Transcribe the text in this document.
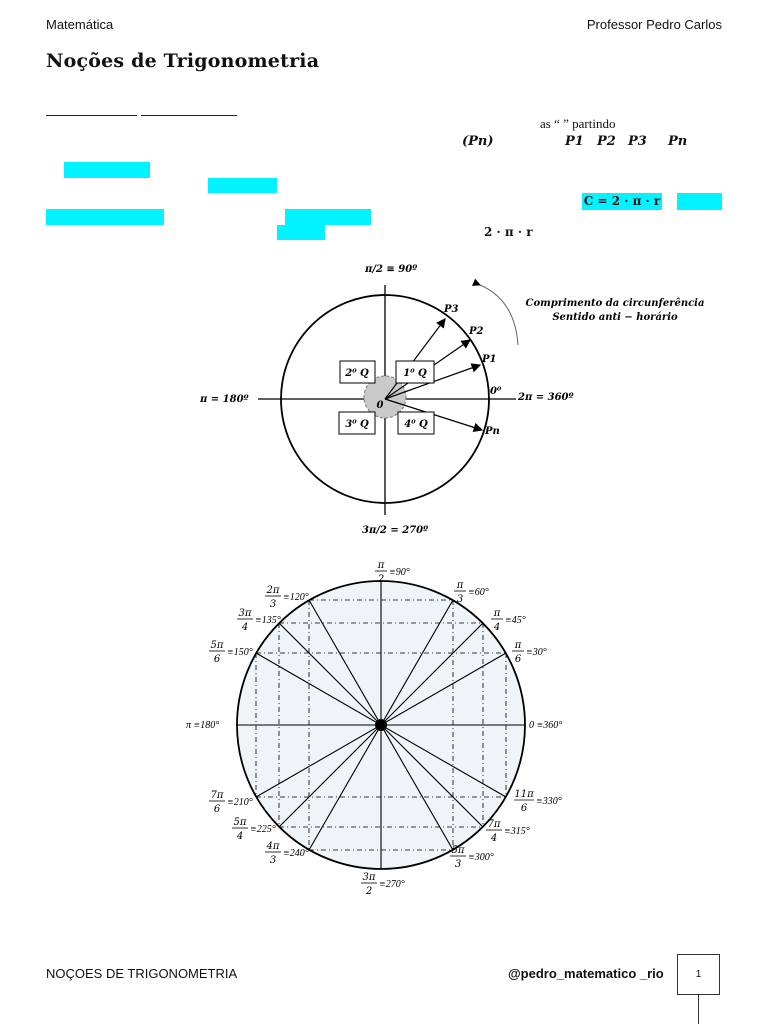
Matemática	Professor Pedro Carlos
Noções de Trigonometria
as “ ” partindo
(Pn)	P1 P2 P3 Pn
C = 2 · π · r
2 · π · r
2⁰ Q	1⁰ Q
3⁰ Q	4⁰ Q
0
0⁰
P3
P2
P1
Pn
π/2 ≡ 90º
π = 180º	2π = 360º
3π/2 = 270º
Comprimento da circunferência
Sentido anti − horário
π
2
π
3
π
4
π
6
11π
6
7π
4
5π
3
3π
2
4π
3
5π
4
7π
6
5π
6
3π
4
2π
3
≡90°
≡60°
≡45°
≡30°
0 ≡360°
≡330°
≡315°
≡300°
≡270°
≡240°
≡225°
≡210°
π ≡180°
≡150°
≡135°
≡120°
NOÇOES DE TRIGONOMETRIA	@pedro_matematico _rio	1
